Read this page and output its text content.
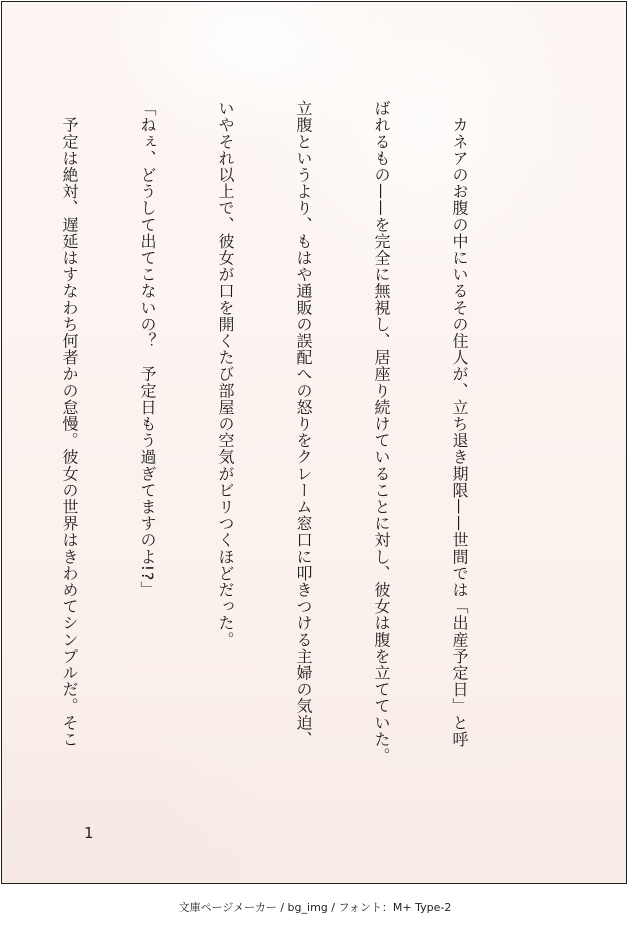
　カネアのお腹の中にいるその住人が、立ち退き期限——世間では「出産予定日」と呼

ばれるもの——を完全に無視し、居座り続けていることに対し、彼女は腹を立てていた。

立腹というより、もはや通販の誤配への怒りをクレーム窓口に叩きつける主婦の気迫、

いやそれ以上で、彼女が口を開くたび部屋の空気がビリつくほどだった。

「ねぇ、どうして出てこないの？　予定日もう過ぎてますのよ!?」

　予定は絶対、遅延はすなわち何者かの怠慢。彼女の世界はきわめてシンプルだ。そこ

1
文庫ページメーカー / bg_img / フォント：M+ Type-2
